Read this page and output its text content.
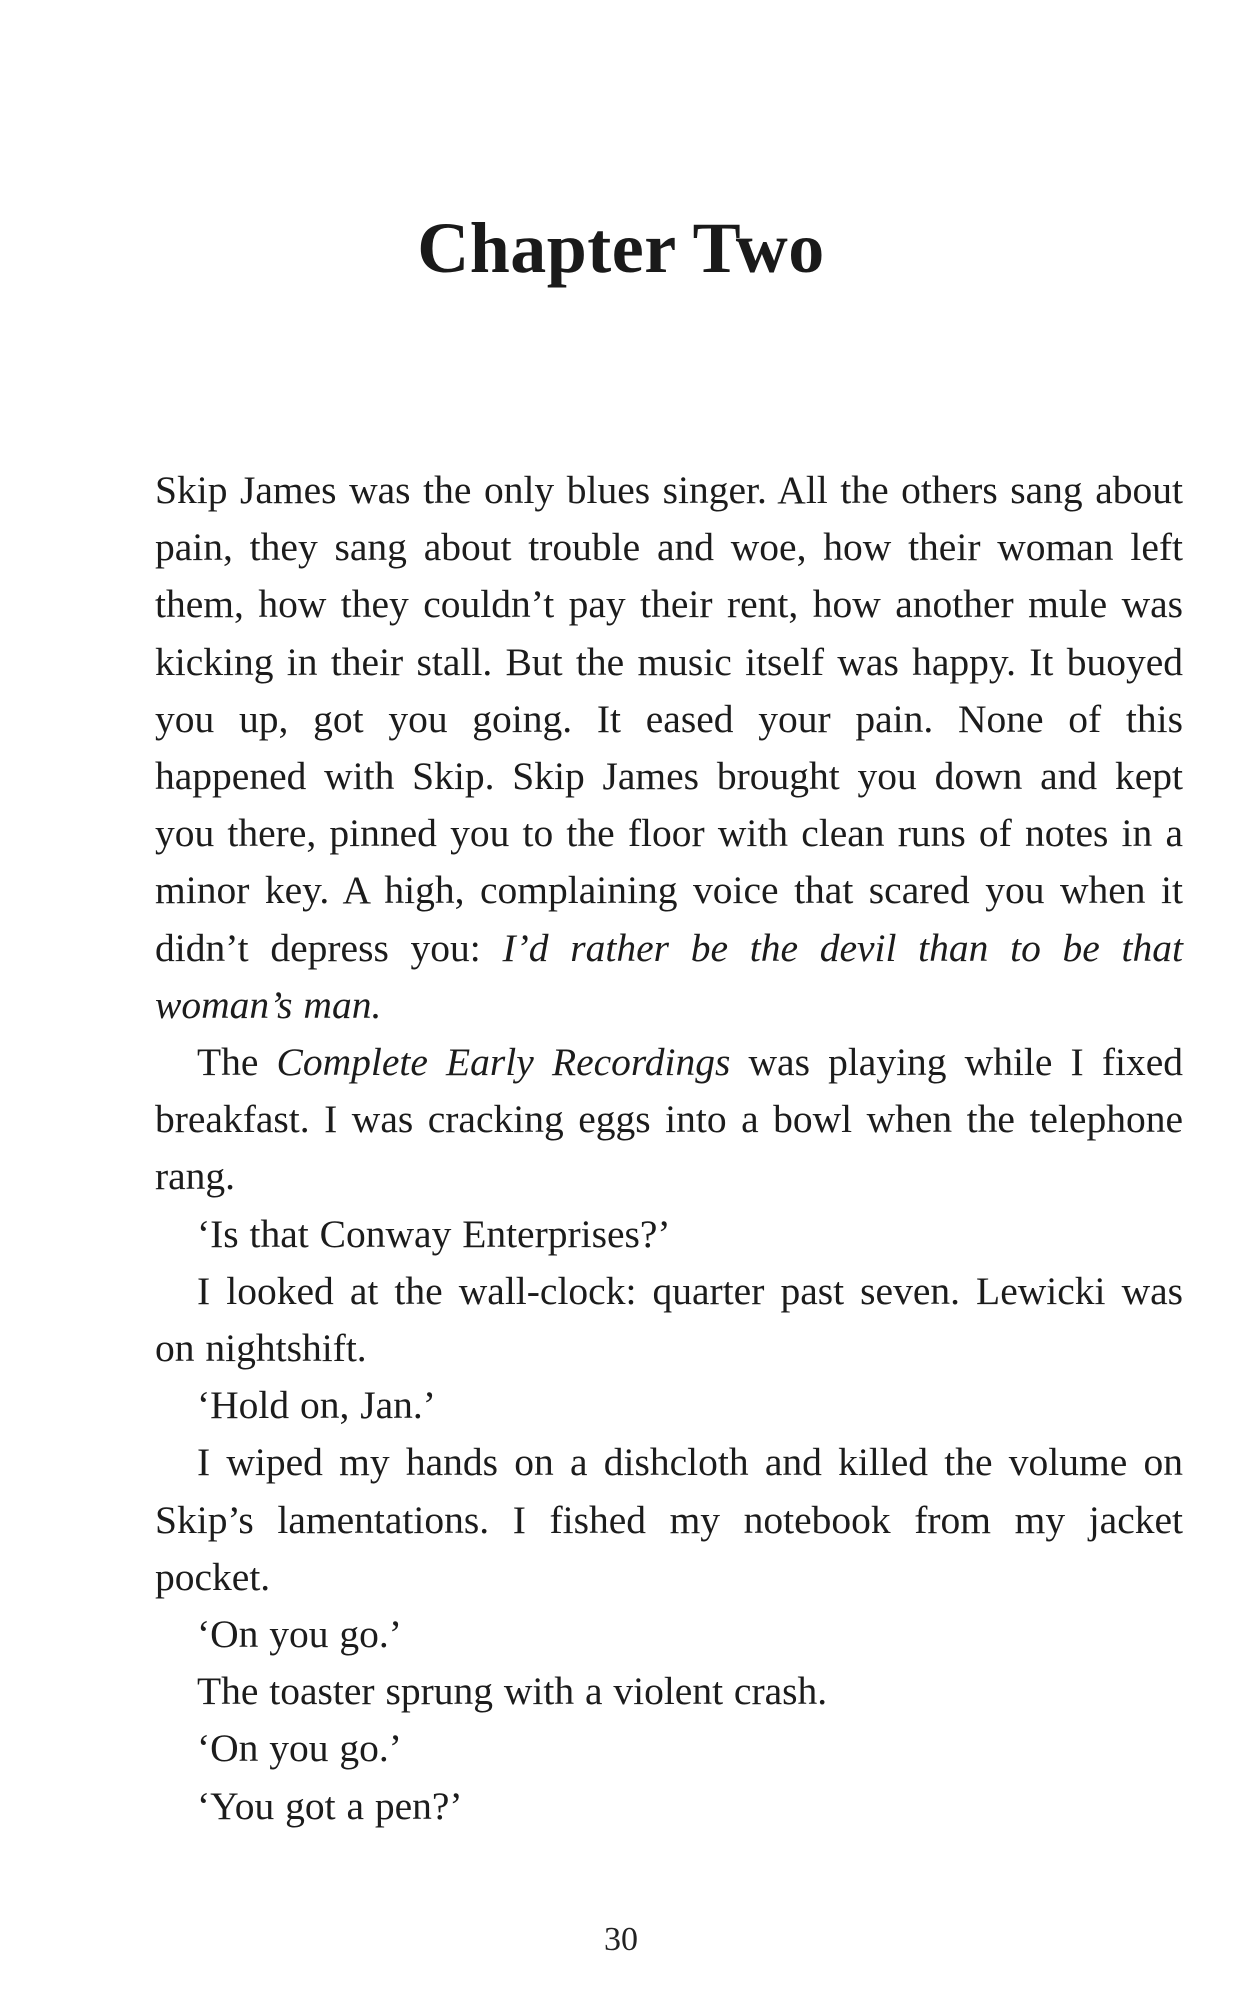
Chapter Two

Skip James was the only blues singer. All the others sang about pain, they sang about trouble and woe, how their woman left them, how they couldn’t pay their rent, how another mule was kicking in their stall. But the music itself was happy. It buoyed you up, got you going. It eased your pain. None of this happened with Skip. Skip James brought you down and kept you there, pinned you to the floor with clean runs of notes in a minor key. A high, complaining voice that scared you when it didn’t depress you: I’d rather be the devil than to be that woman’s man.

The Complete Early Recordings was playing while I fixed breakfast. I was cracking eggs into a bowl when the telephone rang.

‘Is that Conway Enterprises?’

I looked at the wall-clock: quarter past seven. Lewicki was on nightshift.

‘Hold on, Jan.’

I wiped my hands on a dishcloth and killed the volume on Skip’s lamentations. I fished my notebook from my jacket pocket.

‘On you go.’

The toaster sprung with a violent crash.

‘On you go.’

‘You got a pen?’

30
